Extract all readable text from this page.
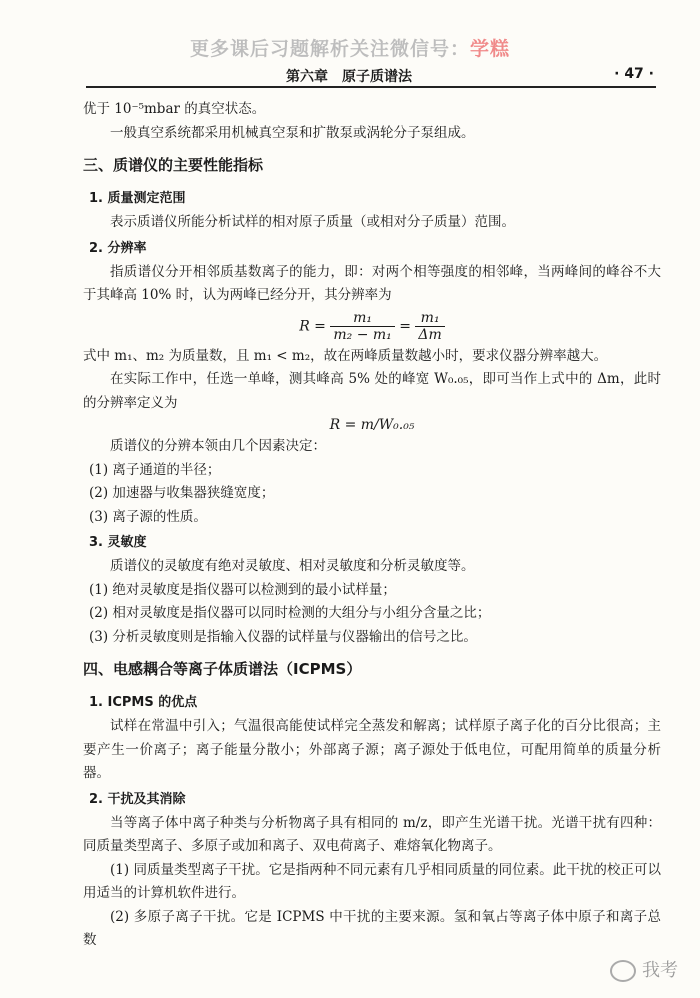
更多课后习题解析关注微信号：学糕
第六章　原子质谱法	· 47 ·

优于 10⁻⁵mbar 的真空状态。

一般真空系统都采用机械真空泵和扩散泵或涡轮分子泵组成。

三、质谱仪的主要性能指标
1. 质量测定范围

表示质谱仪所能分析试样的相对原子质量（或相对分子质量）范围。

2. 分辨率

指质谱仪分开相邻质基数离子的能力，即：对两个相等强度的相邻峰，当两峰间的峰谷不大于其峰高 10% 时，认为两峰已经分开，其分辨率为

$R = \frac{\text{m₁}}{\text{m₂ − m₁}} = \frac{\text{m₁}}{\Delta m}$

式中 m₁、m₂ 为质量数，且 m₁ < m₂，故在两峰质量数越小时，要求仪器分辨率越大。

在实际工作中，任选一单峰，测其峰高 5% 处的峰宽 W₀.₀₅，即可当作上式中的 Δm，此时的分辨率定义为

R = m/W₀.₀₅

质谱仪的分辨本领由几个因素决定：

(1) 离子通道的半径；

(2) 加速器与收集器狭缝宽度；

(3) 离子源的性质。

3. 灵敏度

质谱仪的灵敏度有绝对灵敏度、相对灵敏度和分析灵敏度等。

(1) 绝对灵敏度是指仪器可以检测到的最小试样量；

(2) 相对灵敏度是指仪器可以同时检测的大组分与小组分含量之比；

(3) 分析灵敏度则是指输入仪器的试样量与仪器输出的信号之比。

四、电感耦合等离子体质谱法（ICPMS）
1. ICPMS 的优点

试样在常温中引入；气温很高能使试样完全蒸发和解离；试样原子离子化的百分比很高；主要产生一价离子；离子能量分散小；外部离子源；离子源处于低电位，可配用简单的质量分析器。

2. 干扰及其消除

当等离子体中离子种类与分析物离子具有相同的 m/z，即产生光谱干扰。光谱干扰有四种：同质量类型离子、多原子或加和离子、双电荷离子、难熔氧化物离子。

(1) 同质量类型离子干扰。它是指两种不同元素有几乎相同质量的同位素。此干扰的校正可以用适当的计算机软件进行。

(2) 多原子离子干扰。它是 ICPMS 中干扰的主要来源。氢和氧占等离子体中原子和离子总数

我考
